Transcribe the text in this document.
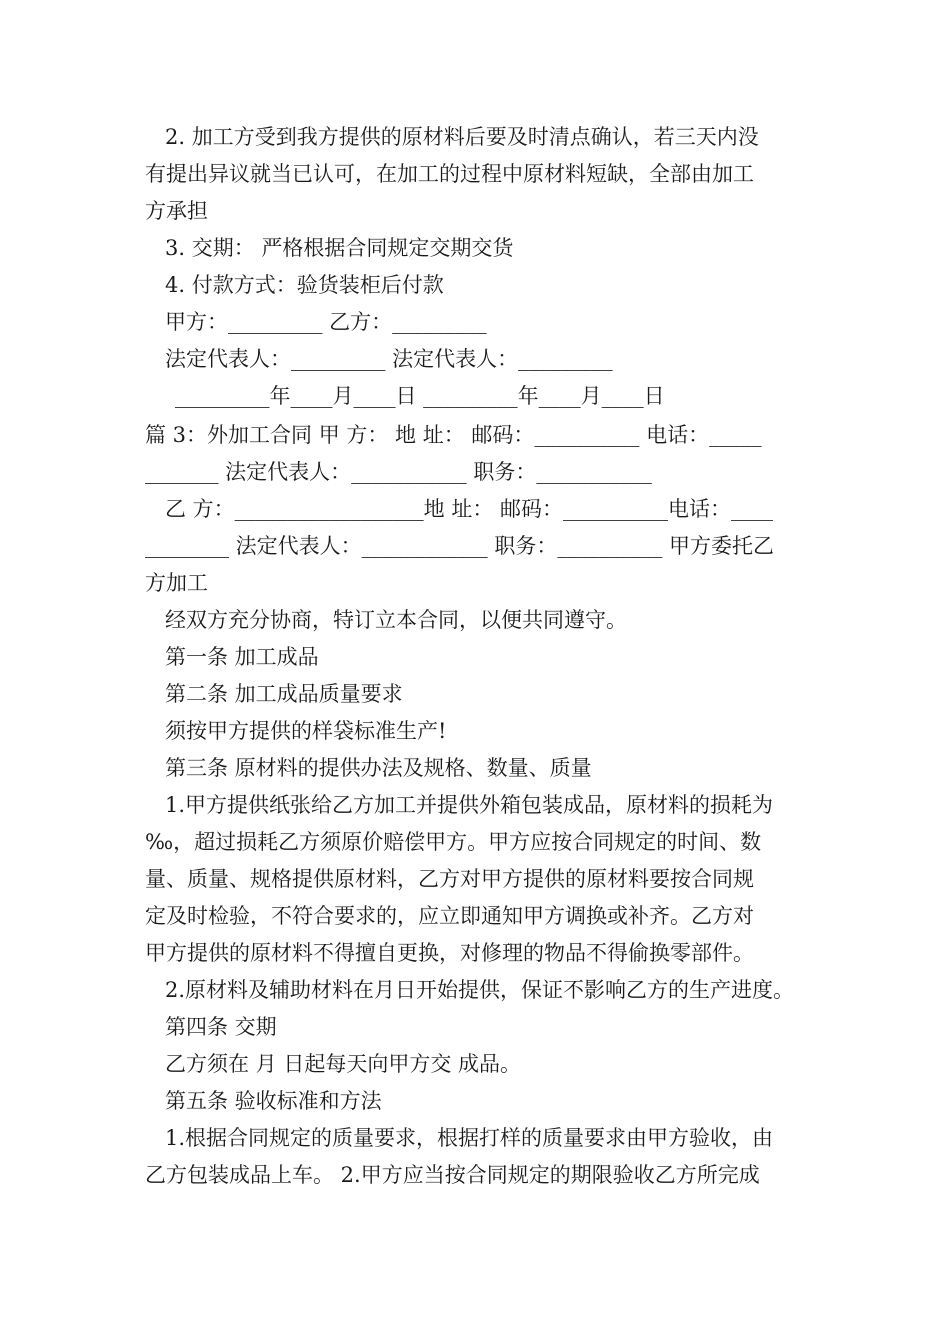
2. 加工方受到我方提供的原材料后要及时清点确认，若三天内没
有提出异议就当已认可，在加工的过程中原材料短缺，全部由加工
方承担
3. 交期： 严格根据合同规定交期交货
4. 付款方式：验货装柜后付款
甲方：_________ 乙方：_________
法定代表人：_________ 法定代表人：_________
_________年____月____日 _________年____月____日
篇 3：外加工合同 甲 方： 地 址： 邮码：__________ 电话：_____
_______ 法定代表人：___________ 职务：___________
乙 方：__________________地 址： 邮码：__________电话：____
________ 法定代表人：____________ 职务：__________ 甲方委托乙
方加工
经双方充分协商，特订立本合同，以便共同遵守。
第一条 加工成品
第二条 加工成品质量要求
须按甲方提供的样袋标准生产!
第三条 原材料的提供办法及规格、数量、质量
1.甲方提供纸张给乙方加工并提供外箱包装成品，原材料的损耗为
‰，超过损耗乙方须原价赔偿甲方。甲方应按合同规定的时间、数
量、质量、规格提供原材料，乙方对甲方提供的原材料要按合同规
定及时检验，不符合要求的，应立即通知甲方调换或补齐。乙方对
甲方提供的原材料不得擅自更换，对修理的物品不得偷换零部件。
2.原材料及辅助材料在月日开始提供，保证不影响乙方的生产进度。
第四条 交期
乙方须在 月 日起每天向甲方交 成品。
第五条 验收标准和方法
1.根据合同规定的质量要求，根据打样的质量要求由甲方验收，由
乙方包装成品上车。 2.甲方应当按合同规定的期限验收乙方所完成
